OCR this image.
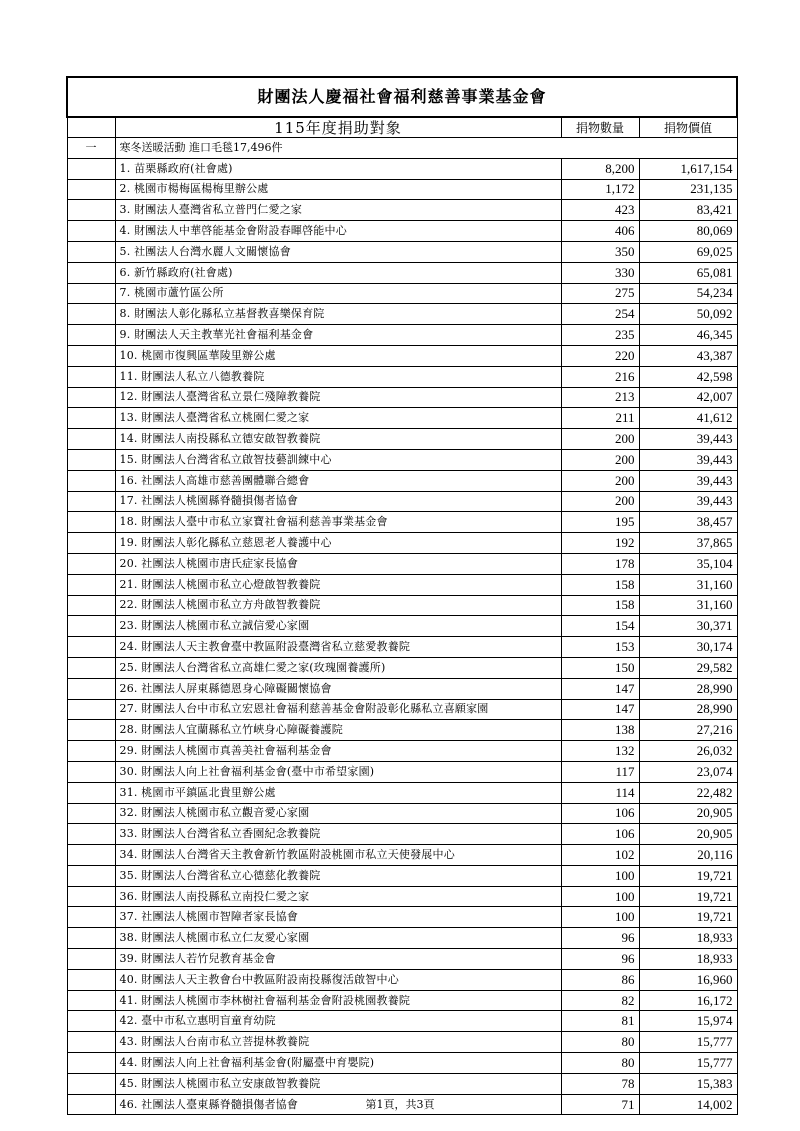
財團法人慶福社會福利慈善事業基金會			
	115年度捐助對象	捐物數量	捐物價值
一	寒冬送暖活動 進口毛毯17,496件		
	1. 苗栗縣政府(社會處)	8,200	1,617,154
	2. 桃園市楊梅區楊梅里辦公處	1,172	231,135
	3. 財團法人臺灣省私立普門仁愛之家	423	83,421
	4. 財團法人中華啓能基金會附設春暉啓能中心	406	80,069
	5. 社團法人台灣水麗人文關懷協會	350	69,025
	6. 新竹縣政府(社會處)	330	65,081
	7. 桃園市蘆竹區公所	275	54,234
	8. 財團法人彰化縣私立基督教喜樂保育院	254	50,092
	9. 財團法人天主教華光社會福利基金會	235	46,345
	10. 桃園市復興區華陵里辦公處	220	43,387
	11. 財團法人私立八德教養院	216	42,598
	12. 財團法人臺灣省私立景仁殘障教養院	213	42,007
	13. 財團法人臺灣省私立桃園仁愛之家	211	41,612
	14. 財團法人南投縣私立德安啟智教養院	200	39,443
	15. 財團法人台灣省私立啟智技藝訓練中心	200	39,443
	16. 社團法人高雄市慈善團體聯合總會	200	39,443
	17. 社團法人桃園縣脊髓損傷者協會	200	39,443
	18. 財團法人臺中市私立家寶社會福利慈善事業基金會	195	38,457
	19. 財團法人彰化縣私立慈恩老人養護中心	192	37,865
	20. 社團法人桃園市唐氏症家長協會	178	35,104
	21. 財團法人桃園市私立心燈啟智教養院	158	31,160
	22. 財團法人桃園市私立方舟啟智教養院	158	31,160
	23. 財團法人桃園市私立誠信愛心家園	154	30,371
	24. 財團法人天主教會臺中教區附設臺灣省私立慈愛教養院	153	30,174
	25. 財團法人台灣省私立高雄仁愛之家(玫瑰園養護所)	150	29,582
	26. 社團法人屏東縣德恩身心障礙關懷協會	147	28,990
	27. 財團法人台中市私立宏恩社會福利慈善基金會附設彰化縣私立喜願家園	147	28,990
	28. 財團法人宜蘭縣私立竹峽身心障礙養護院	138	27,216
	29. 財團法人桃園市真善美社會福利基金會	132	26,032
	30. 財團法人向上社會福利基金會(臺中市希望家園)	117	23,074
	31. 桃園市平鎮區北貴里辦公處	114	22,482
	32. 財團法人桃園市私立觀音愛心家園	106	20,905
	33. 財團法人台灣省私立香園紀念教養院	106	20,905
	34. 財團法人台灣省天主教會新竹教區附設桃園市私立天使發展中心	102	20,116
	35. 財團法人台灣省私立心德慈化教養院	100	19,721
	36. 財團法人南投縣私立南投仁愛之家	100	19,721
	37. 社團法人桃園市智障者家長協會	100	19,721
	38. 財團法人桃園市私立仁友愛心家園	96	18,933
	39. 財團法人若竹兒教育基金會	96	18,933
	40. 財團法人天主教會台中教區附設南投縣復活啟智中心	86	16,960
	41. 財團法人桃園市李林樹社會福利基金會附設桃園教養院	82	16,172
	42. 臺中市私立惠明盲童育幼院	81	15,974
	43. 財團法人台南市私立菩提林教養院	80	15,777
	44. 財團法人向上社會福利基金會(附屬臺中育嬰院)	80	15,777
	45. 財團法人桃園市私立安康啟智教養院	78	15,383
	46. 社團法人臺東縣脊髓損傷者協會	71	14,002
第1頁，共3頁
